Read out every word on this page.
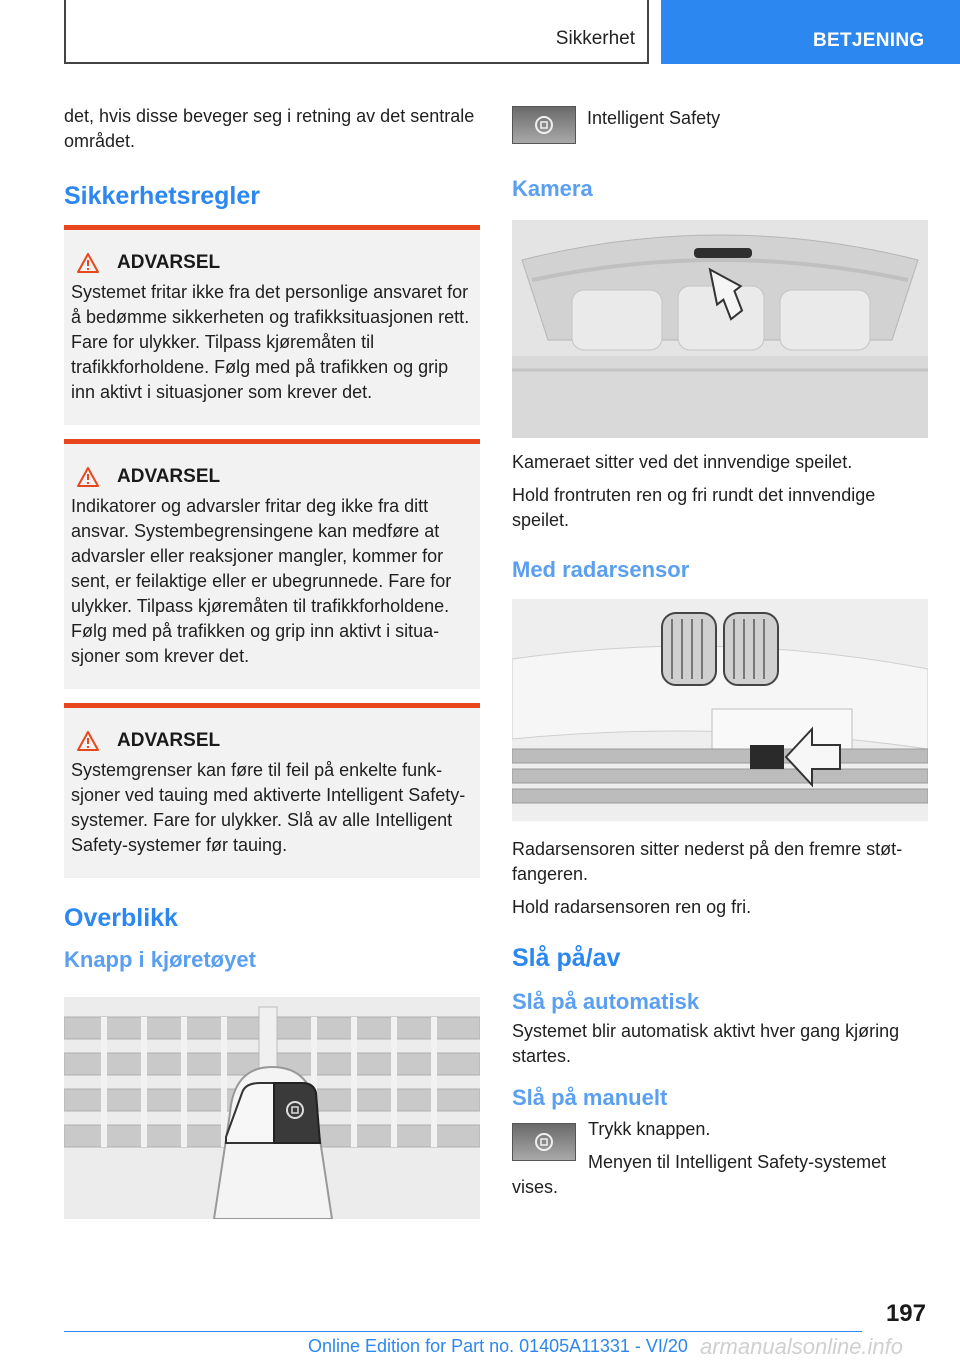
Sikkerhet	BETJENING

det, hvis disse beveger seg i retning av det sentrale området.

Sikkerhetsregler
ADVARSEL

Systemet fritar ikke fra det personlige ansvaret for å bedømme sikkerheten og trafikksituasjonen rett. Fare for ulykker. Tilpass kjøremåten til trafikkforholdene. Følg med på trafikken og grip inn aktivt i situasjoner som krever det.

ADVARSEL

Indikatorer og advarsler fritar deg ikke fra ditt ansvar. Systembegrensingene kan medføre at advarsler eller reaksjoner mangler, kommer for sent, er feilaktige eller er ubegrunnede. Fare for ulykker. Tilpass kjøremåten til trafikkforholdene. Følg med på trafikken og grip inn aktivt i situasjoner som krever det.

ADVARSEL

Systemgrenser kan føre til feil på enkelte funksjoner ved tauing med aktiverte Intelligent Safety-systemer. Fare for ulykker. Slå av alle Intelligent Safety-systemer før tauing.

Overblikk
Knapp i kjøretøyet

Intelligent Safety

Kamera

Kameraet sitter ved det innvendige speilet.

Hold frontruten ren og fri rundt det innvendige speilet.

Med radarsensor

Radarsensoren sitter nederst på den fremre støtfangeren.

Hold radarsensoren ren og fri.

Slå på/av
Slå på automatisk

Systemet blir automatisk aktivt hver gang kjøring startes.

Slå på manuelt

Trykk knappen.

Menyen til Intelligent Safety-systemet vises.

197
Online Edition for Part no. 01405A11331 - VI/20 armanualsonline.info
